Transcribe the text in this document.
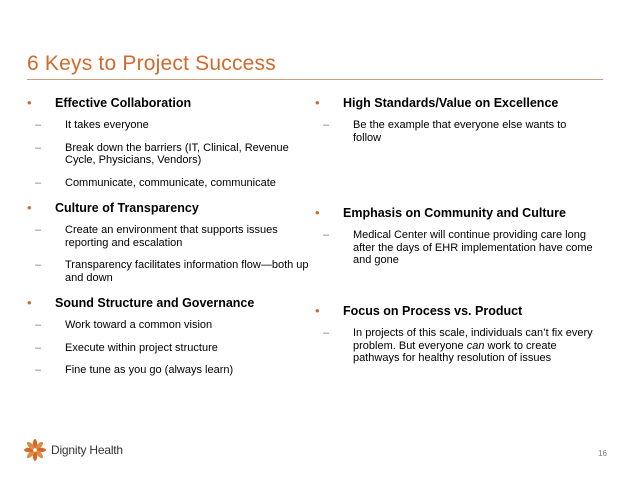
6 Keys to Project Success
• Effective Collaboration
– It takes everyone
– Break down the barriers (IT, Clinical, Revenue Cycle, Physicians, Vendors)
– Communicate, communicate, communicate
• Culture of Transparency
– Create an environment that supports issues reporting and escalation
– Transparency facilitates information flow—both up and down
• Sound Structure and Governance
– Work toward a common vision
– Execute within project structure
– Fine tune as you go (always learn)
• High Standards/Value on Excellence
– Be the example that everyone else wants to follow
• Emphasis on Community and Culture
– Medical Center will continue providing care long after the days of EHR implementation have come and gone
• Focus on Process vs. Product
– In projects of this scale, individuals can’t fix every problem. But everyone can work to create pathways for healthy resolution of issues
Dignity Health	16
